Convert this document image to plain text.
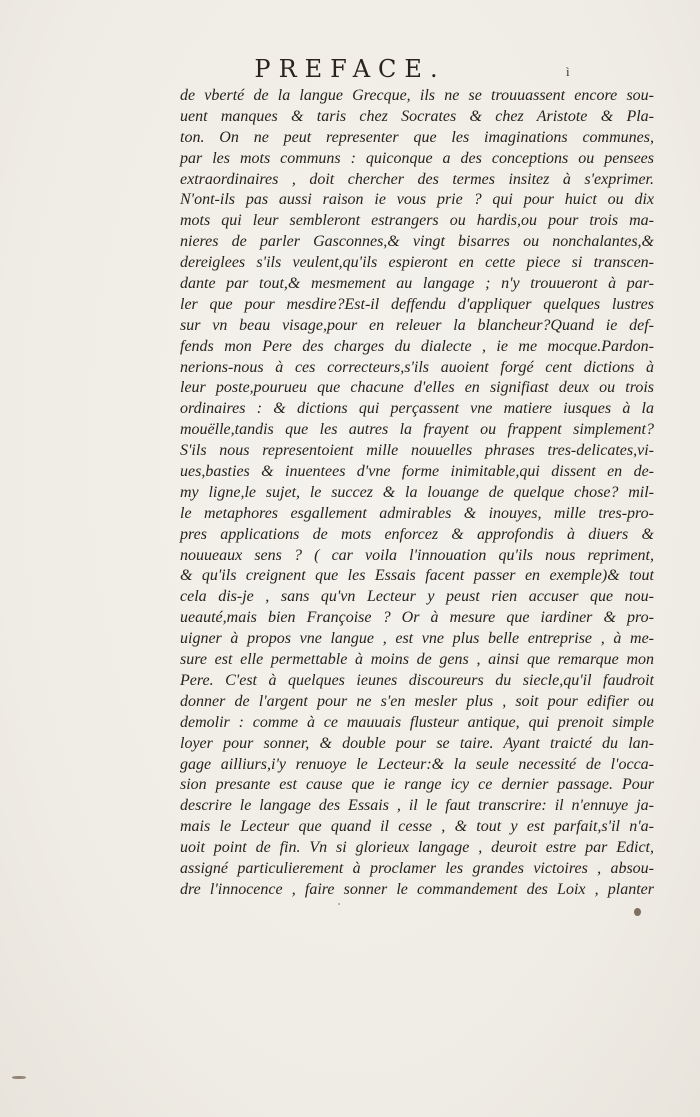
PREFACE.	ì
de vberté de la langue Grecque, ils ne se trouuassent encore sou-
uent manques & taris chez Socrates & chez Aristote & Pla-
ton. On ne peut representer que les imaginations communes,
par les mots communs : quiconque a des conceptions ou pensees
extraordinaires , doit chercher des termes insitez à s'exprimer.
N'ont-ils pas aussi raison ie vous prie ? qui pour huict ou dix
mots qui leur sembleront estrangers ou hardis,ou pour trois ma-
nieres de parler Gasconnes,& vingt bisarres ou nonchalantes,&
dereiglees s'ils veulent,qu'ils espieront en cette piece si transcen-
dante par tout,& mesmement au langage ; n'y trouueront à par-
ler que pour mesdire?Est-il deffendu d'appliquer quelques lustres
sur vn beau visage,pour en releuer la blancheur?Quand ie def-
fends mon Pere des charges du dialecte , ie me mocque.Pardon-
nerions-nous à ces correcteurs,s'ils auoient forgé cent dictions à
leur poste,pourueu que chacune d'elles en signifiast deux ou trois
ordinaires : & dictions qui perçassent vne matiere iusques à la
mouëlle,tandis que les autres la frayent ou frappent simplement?
S'ils nous representoient mille nouuelles phrases tres-delicates,vi-
ues,basties & inuentees d'vne forme inimitable,qui dissent en de-
my ligne,le sujet, le succez & la louange de quelque chose? mil-
le metaphores esgallement admirables & inouyes, mille tres-pro-
pres applications de mots enforcez & approfondis à diuers &
nouueaux sens ? ( car voila l'innouation qu'ils nous repriment,
& qu'ils creignent que les Essais facent passer en exemple)& tout
cela dis-je , sans qu'vn Lecteur y peust rien accuser que nou-
ueauté,mais bien Françoise ? Or à mesure que iardiner & pro-
uigner à propos vne langue , est vne plus belle entreprise , à me-
sure est elle permettable à moins de gens , ainsi que remarque mon
Pere. C'est à quelques ieunes discoureurs du siecle,qu'il faudroit
donner de l'argent pour ne s'en mesler plus , soit pour edifier ou
demolir : comme à ce mauuais flusteur antique, qui prenoit simple
loyer pour sonner, & double pour se taire. Ayant traicté du lan-
gage ailliurs,i'y renuoye le Lecteur:& la seule necessité de l'occa-
sion presante est cause que ie range icy ce dernier passage. Pour
descrire le langage des Essais , il le faut transcrire: il n'ennuye ja-
mais le Lecteur que quand il cesse , & tout y est parfait,s'il n'a-
uoit point de fin. Vn si glorieux langage , deuroit estre par Edict,
assigné particulierement à proclamer les grandes victoires , absou-
dre l'innocence , faire sonner le commandement des Loix , planter
